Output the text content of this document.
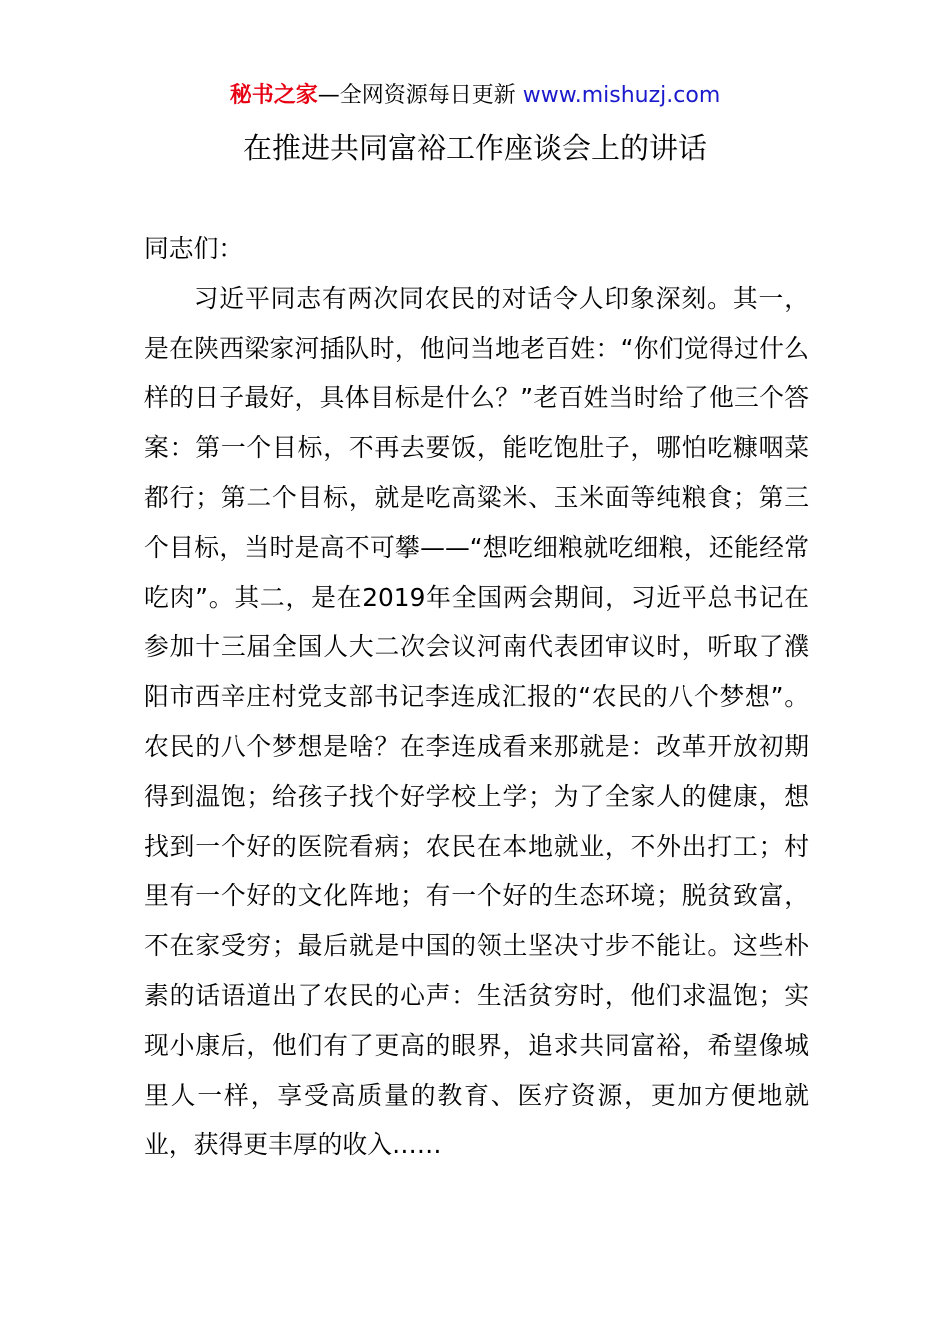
秘书之家—全网资源每日更新 www.mishuzj.com
在推进共同富裕工作座谈会上的讲话

同志们：

习近平同志有两次同农民的对话令人印象深刻。其一，是在陕西梁家河插队时，他问当地老百姓：“你们觉得过什么样的日子最好，具体目标是什么？”老百姓当时给了他三个答案：第一个目标，不再去要饭，能吃饱肚子，哪怕吃糠咽菜都行；第二个目标，就是吃高粱米、玉米面等纯粮食；第三个目标，当时是高不可攀——“想吃细粮就吃细粮，还能经常吃肉”。其二，是在2019年全国两会期间，习近平总书记在参加十三届全国人大二次会议河南代表团审议时，听取了濮阳市西辛庄村党支部书记李连成汇报的“农民的八个梦想”。农民的八个梦想是啥？在李连成看来那就是：改革开放初期得到温饱；给孩子找个好学校上学；为了全家人的健康，想找到一个好的医院看病；农民在本地就业，不外出打工；村里有一个好的文化阵地；有一个好的生态环境；脱贫致富，不在家受穷；最后就是中国的领土坚决寸步不能让。这些朴素的话语道出了农民的心声：生活贫穷时，他们求温饱；实现小康后，他们有了更高的眼界，追求共同富裕，希望像城里人一样，享受高质量的教育、医疗资源，更加方便地就业，获得更丰厚的收入……
